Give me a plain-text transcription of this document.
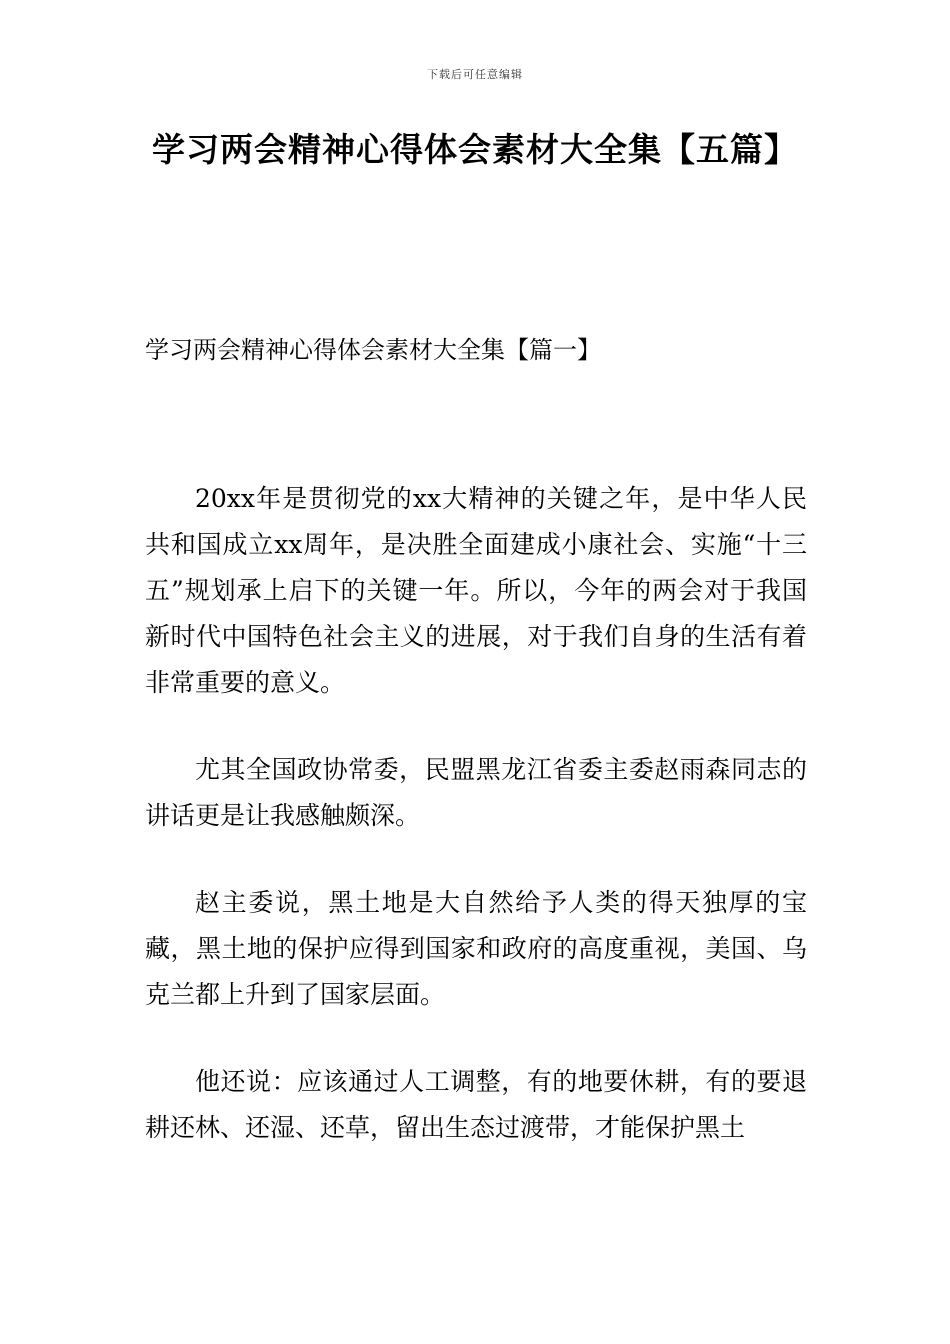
下载后可任意编辑
学习两会精神心得体会素材大全集【五篇】
学习两会精神心得体会素材大全集【篇一】

20xx年是贯彻党的xx大精神的关键之年，是中华人民共和国成立xx周年，是决胜全面建成小康社会、实施“十三五”规划承上启下的关键一年。所以，今年的两会对于我国新时代中国特色社会主义的进展，对于我们自身的生活有着非常重要的意义。

尤其全国政协常委，民盟黑龙江省委主委赵雨森同志的讲话更是让我感触颇深。

赵主委说，黑土地是大自然给予人类的得天独厚的宝藏，黑土地的保护应得到国家和政府的高度重视，美国、乌克兰都上升到了国家层面。

他还说：应该通过人工调整，有的地要休耕，有的要退耕还林、还湿、还草，留出生态过渡带，才能保护黑土
